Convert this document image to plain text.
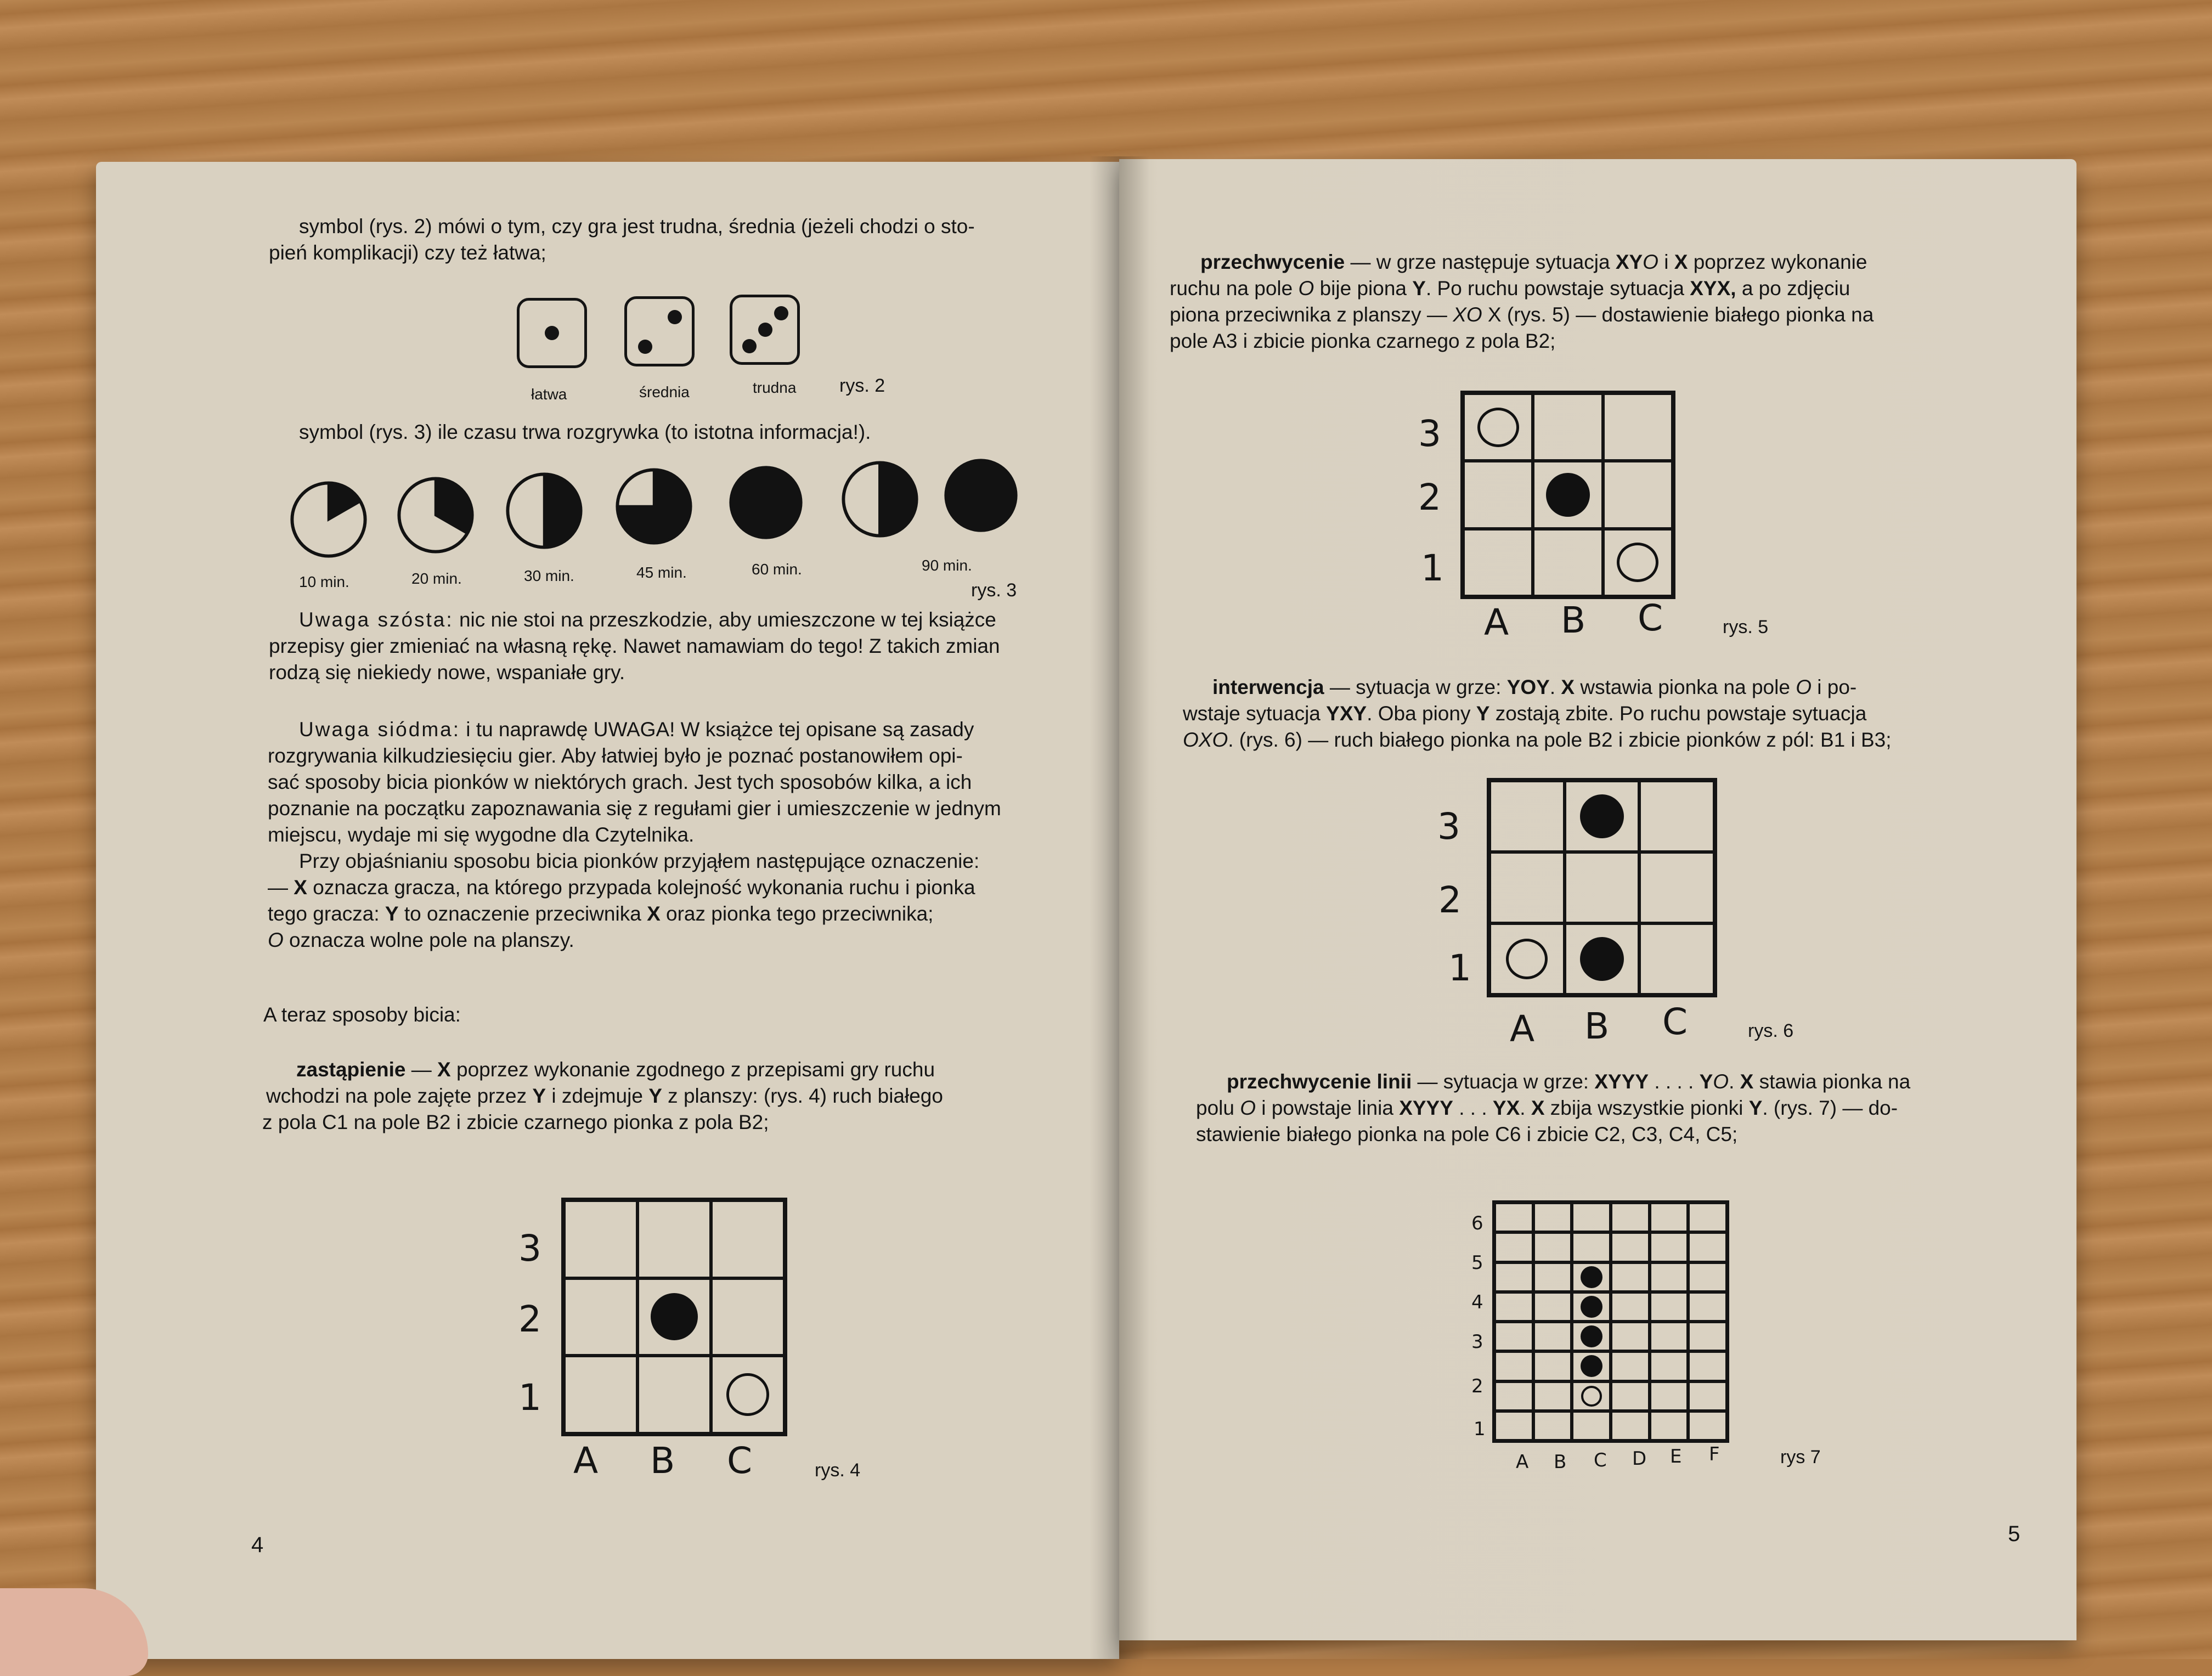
symbol (rys. 2) mówi o tym, czy gra jest trudna, średnia (jeżeli chodzi o sto-
pień komplikacji) czy też łatwa;
łatwa	średnia	trudna rys. 2
symbol (rys. 3) ile czasu trwa rozgrywka (to istotna informacja!).
10 min.	20 min.	30 min.	45 min.	60 min.	90 min.
rys. 3
Uwaga szósta: nic nie stoi na przeszkodzie, aby umieszczone w tej książce
przepisy gier zmieniać na własną rękę. Nawet namawiam do tego! Z takich zmian
rodzą się niekiedy nowe, wspaniałe gry.
Uwaga siódma: i tu naprawdę UWAGA! W książce tej opisane są zasady
rozgrywania kilkudziesięciu gier. Aby łatwiej było je poznać postanowiłem opi-
sać sposoby bicia pionków w niektórych grach. Jest tych sposobów kilka, a ich
poznanie na początku zapoznawania się z regułami gier i umieszczenie w jednym
miejscu, wydaje mi się wygodne dla Czytelnika.
Przy objaśnianiu sposobu bicia pionków przyjąłem następujące oznaczenie:
— X oznacza gracza, na którego przypada kolejność wykonania ruchu i pionka
tego gracza: Y to oznaczenie przeciwnika X oraz pionka tego przeciwnika;
O oznacza wolne pole na planszy.
A teraz sposoby bicia:
zastąpienie — X poprzez wykonanie zgodnego z przepisami gry ruchu
wchodzi na pole zajęte przez Y i zdejmuje Y z planszy: (rys. 4) ruch białego
z pola C1 na pole B2 i zbicie czarnego pionka z pola B2;
3
2
1
A B C	rys. 4
4
przechwycenie — w grze następuje sytuacja XYO i X poprzez wykonanie
ruchu na pole O bije piona Y. Po ruchu powstaje sytuacja XYX, a po zdjęciu
piona przeciwnika z planszy — XO X (rys. 5) — dostawienie białego pionka na
pole A3 i zbicie pionka czarnego z pola B2;
3
2
1
A B C	rys. 5
interwencja — sytuacja w grze: YOY. X wstawia pionka na pole O i po-
wstaje sytuacja YXY. Oba piony Y zostają zbite. Po ruchu powstaje sytuacja
OXO. (rys. 6) — ruch białego pionka na pole B2 i zbicie pionków z pól: B1 i B3;
3
2
1
A B C	rys. 6
przechwycenie linii — sytuacja w grze: XYYY . . . . YO. X stawia pionka na
polu O i powstaje linia XYYY . . . YX. X zbija wszystkie pionki Y. (rys. 7) — do-
stawienie białego pionka na pole C6 i zbicie C2, C3, C4, C5;
6
5
4
3
2
1
A B C D E F	rys 7
5
